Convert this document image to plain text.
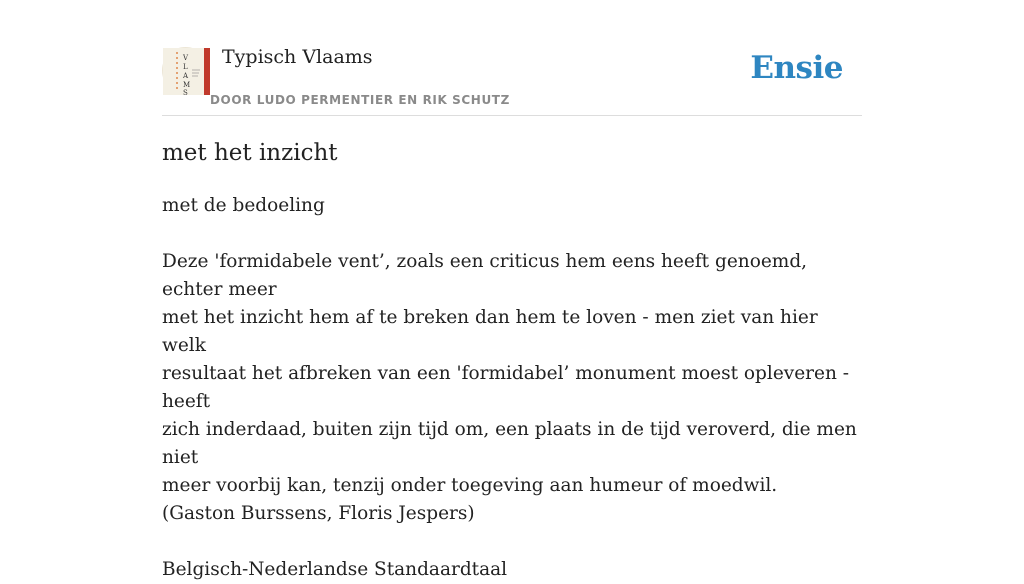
V
L
A
M
S
Typisch Vlaams
DOOR LUDO PERMENTIER EN RIK SCHUTZ
Ensie
met het inzicht

met de bedoeling

Deze 'formidabele vent’, zoals een criticus hem eens heeft genoemd, echter meer

met het inzicht hem af te breken dan hem te loven - men ziet van hier welk

resultaat het afbreken van een 'formidabel’ monument moest opleveren - heeft

zich inderdaad, buiten zijn tijd om, een plaats in de tijd veroverd, die men niet

meer voorbij kan, tenzij onder toegeving aan humeur of moedwil.

(Gaston Burssens, Floris Jespers)

Belgisch-Nederlandse Standaardtaal
